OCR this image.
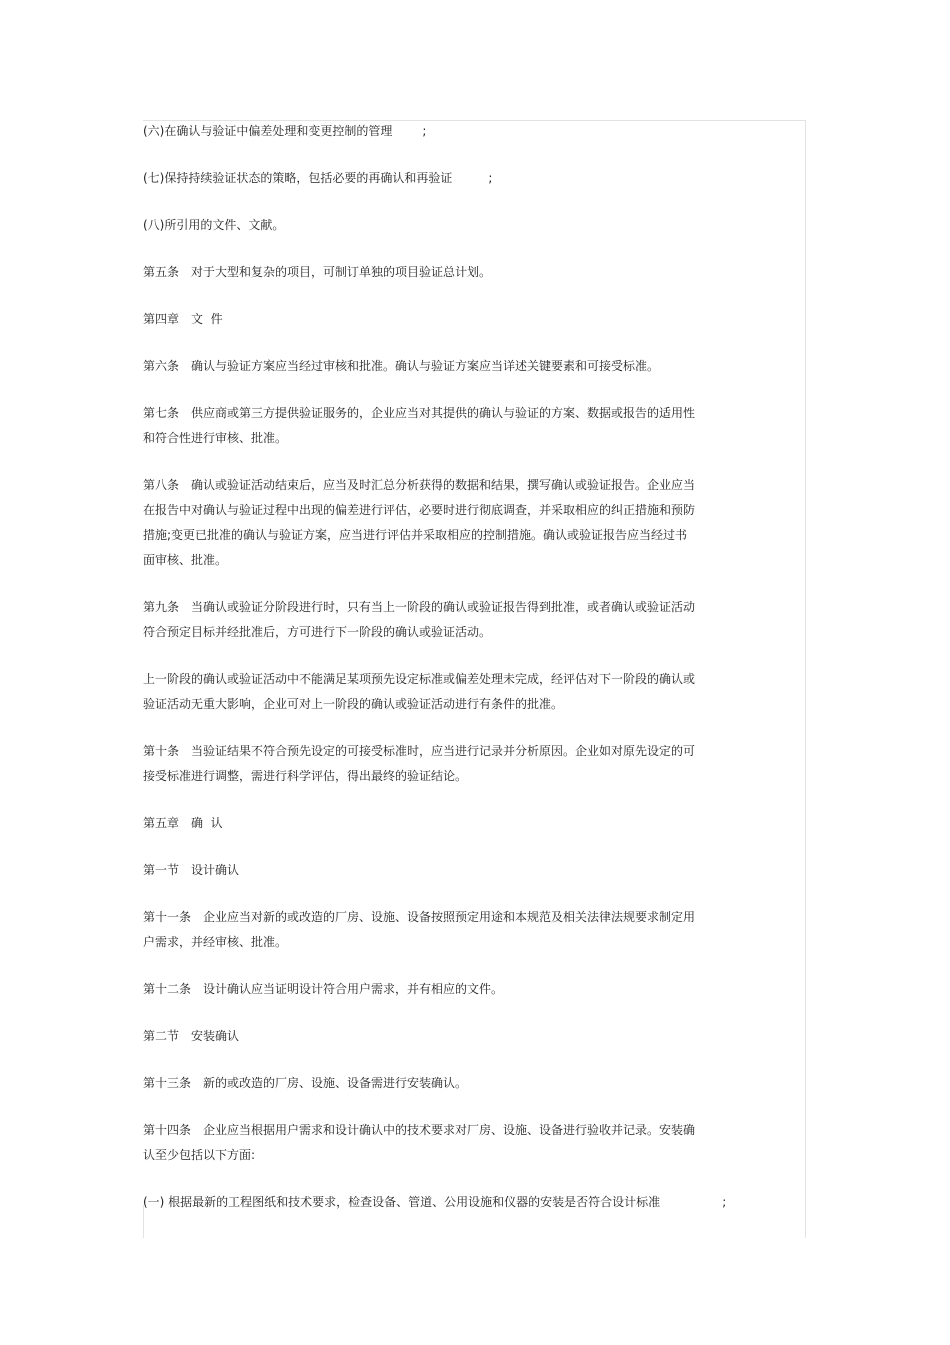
(六)在确认与验证中偏差处理和变更控制的管理	;
(七)保持持续验证状态的策略，包括必要的再确认和再验证	;
(八)所引用的文件、文献。
第五条　对于大型和复杂的项目，可制订单独的项目验证总计划。
第四章　文  件
第六条　确认与验证方案应当经过审核和批准。确认与验证方案应当详述关键要素和可接受标准。
第七条　供应商或第三方提供验证服务的，企业应当对其提供的确认与验证的方案、数据或报告的适用性
和符合性进行审核、批准。
第八条　确认或验证活动结束后，应当及时汇总分析获得的数据和结果，撰写确认或验证报告。企业应当
在报告中对确认与验证过程中出现的偏差进行评估，必要时进行彻底调查，并采取相应的纠正措施和预防
措施;变更已批准的确认与验证方案，应当进行评估并采取相应的控制措施。确认或验证报告应当经过书
面审核、批准。
第九条　当确认或验证分阶段进行时，只有当上一阶段的确认或验证报告得到批准，或者确认或验证活动
符合预定目标并经批准后，方可进行下一阶段的确认或验证活动。
上一阶段的确认或验证活动中不能满足某项预先设定标准或偏差处理未完成，经评估对下一阶段的确认或
验证活动无重大影响，企业可对上一阶段的确认或验证活动进行有条件的批准。
第十条　当验证结果不符合预先设定的可接受标准时，应当进行记录并分析原因。企业如对原先设定的可
接受标准进行调整，需进行科学评估，得出最终的验证结论。
第五章　确  认
第一节　设计确认
第十一条　企业应当对新的或改造的厂房、设施、设备按照预定用途和本规范及相关法律法规要求制定用
户需求，并经审核、批准。
第十二条　设计确认应当证明设计符合用户需求，并有相应的文件。
第二节　安装确认
第十三条　新的或改造的厂房、设施、设备需进行安装确认。
第十四条　企业应当根据用户需求和设计确认中的技术要求对厂房、设施、设备进行验收并记录。安装确
认至少包括以下方面:
(一) 根据最新的工程图纸和技术要求，检查设备、管道、公用设施和仪器的安装是否符合设计标准	;
